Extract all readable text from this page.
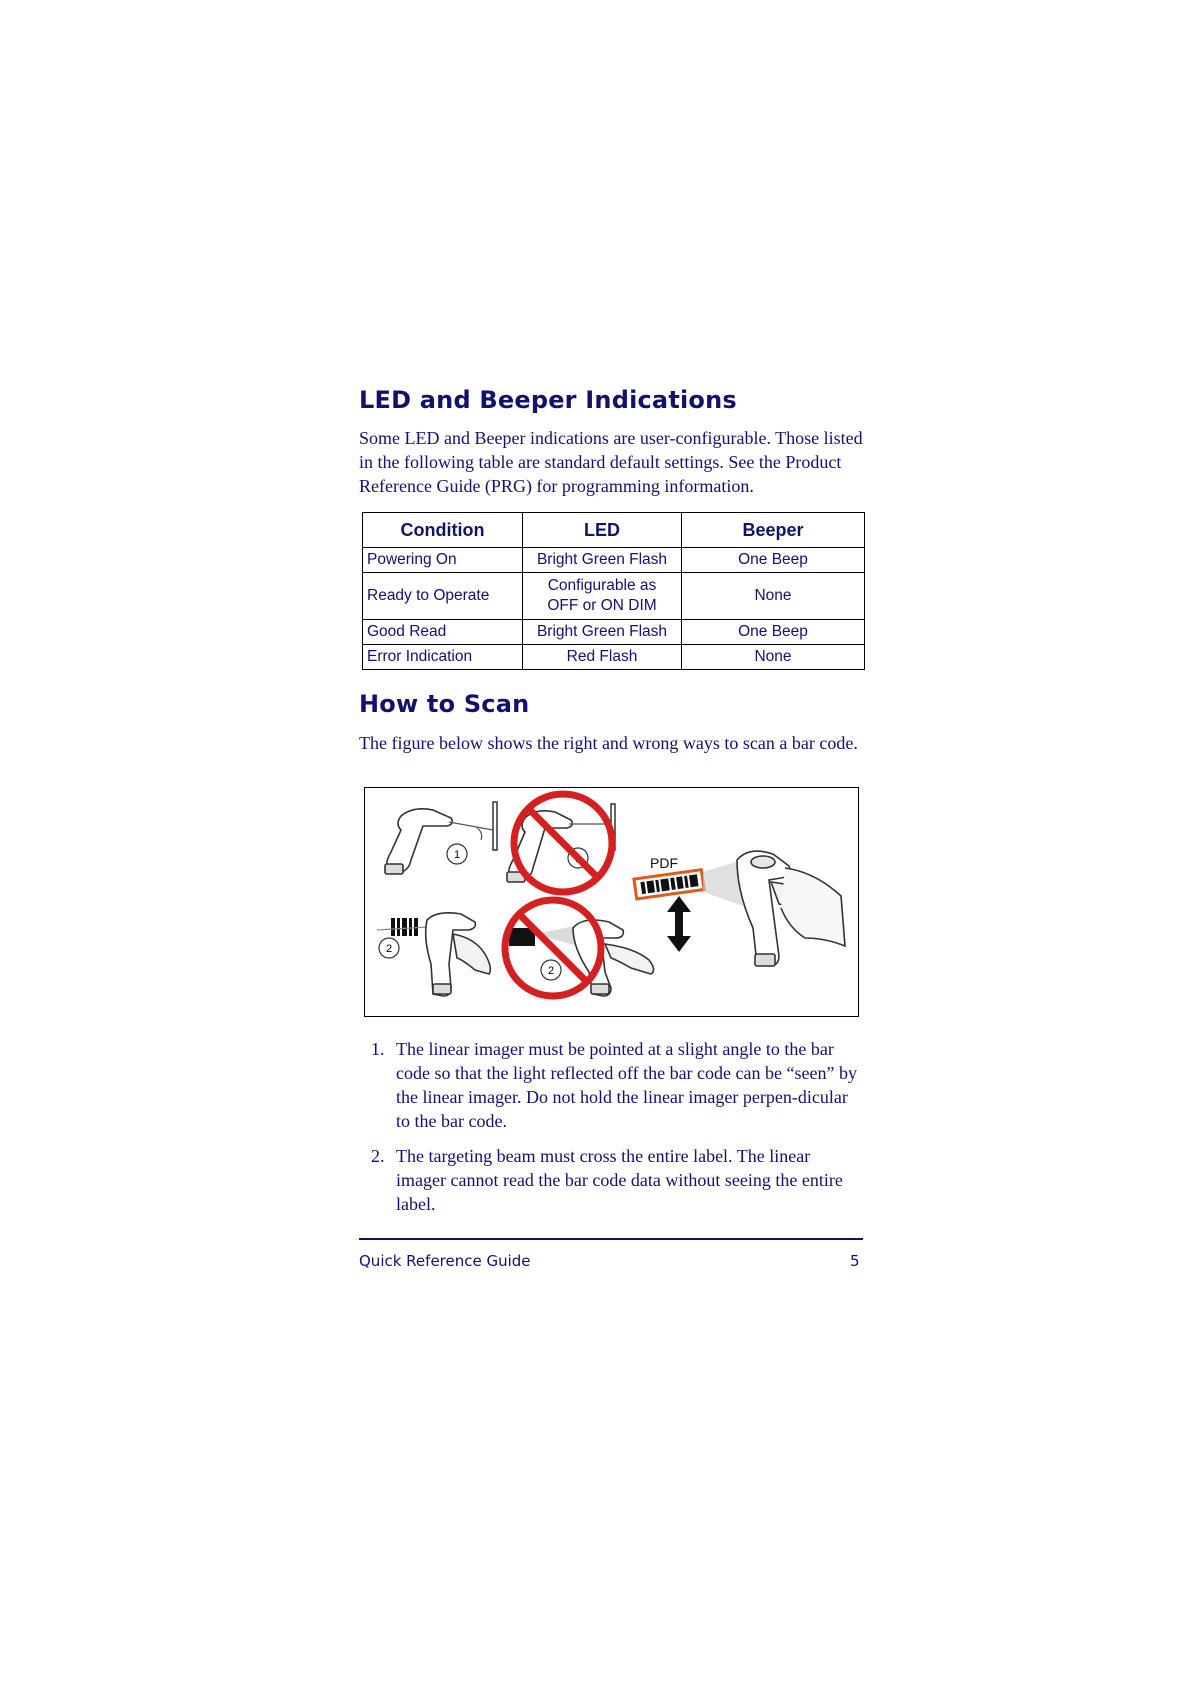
LED and Beeper Indications

Some LED and Beeper indications are user-configurable. Those listed in the following table are standard default settings. See the Product Reference Guide (PRG) for programming information.

Condition	LED	Beeper
Powering On	Bright Green Flash	One Beep
Ready to Operate	Configurable as OFF or ON DIM	None
Good Read	Bright Green Flash	One Beep
Error Indication	Red Flash	None
How to Scan

The figure below shows the right and wrong ways to scan a bar code.

1
2
2
PDF
1. The linear imager must be pointed at a slight angle to the bar code so that the light reflected off the bar code can be “seen” by the linear imager. Do not hold the linear imager perpen-dicular to the bar code.
2. The targeting beam must cross the entire label. The linear imager cannot read the bar code data without seeing the entire label.
Quick Reference Guide	5
